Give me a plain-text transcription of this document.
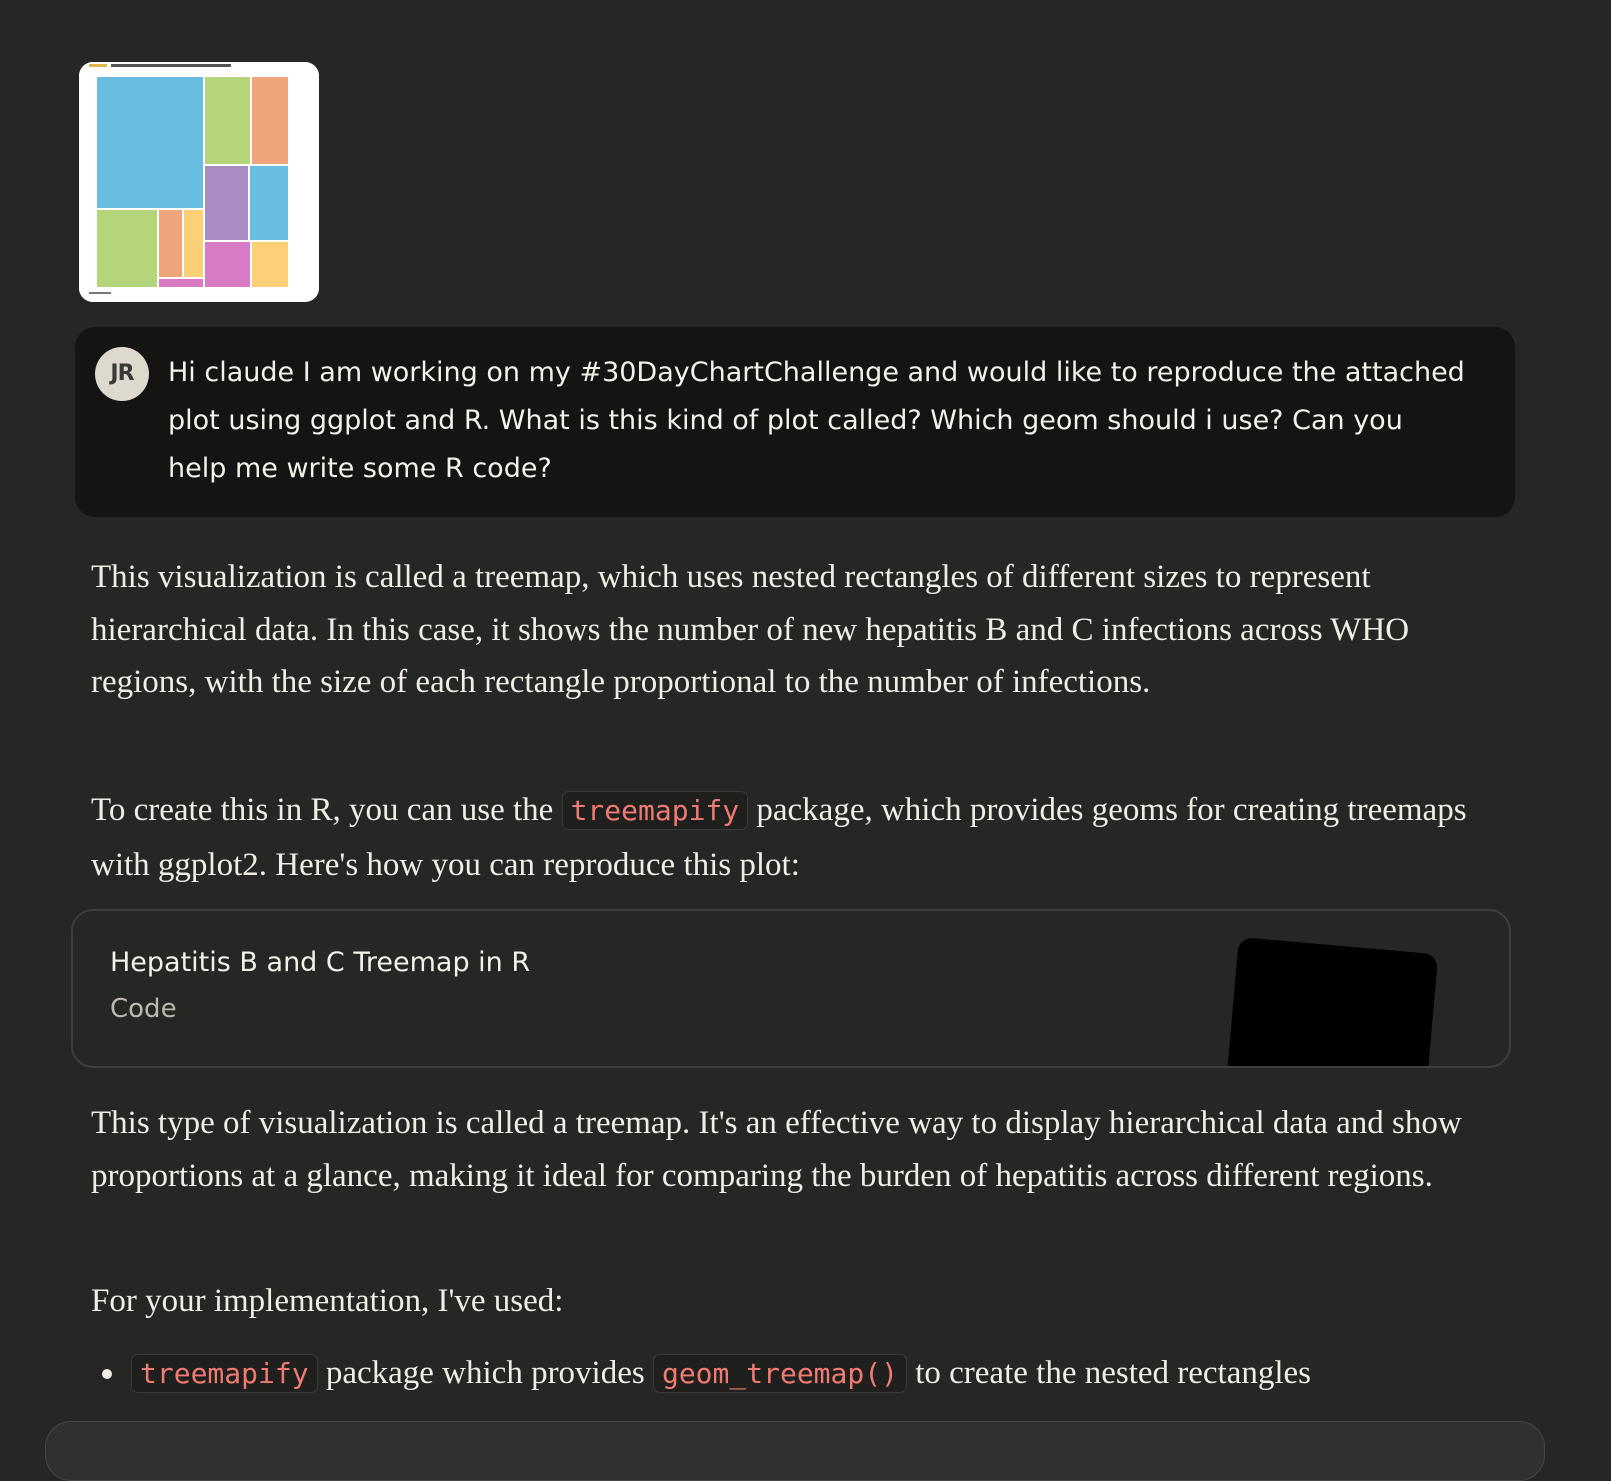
JR	Hi claude I am working on my #30DayChartChallenge and would like to reproduce the attached plot using ggplot and R. What is this kind of plot called? Which geom should i use? Can you help me write some R code?
This visualization is called a treemap, which uses nested rectangles of different sizes to represent hierarchical data. In this case, it shows the number of new hepatitis B and C infections across WHO regions, with the size of each rectangle proportional to the number of infections.
To create this in R, you can use the treemapify package, which provides geoms for creating treemaps with ggplot2. Here's how you can reproduce this plot:
Hepatitis B and C Treemap in R
Code
This type of visualization is called a treemap. It's an effective way to display hierarchical data and show proportions at a glance, making it ideal for comparing the burden of hepatitis across different regions.
For your implementation, I've used:
treemapify package which provides geom_treemap() to create the nested rectangles
